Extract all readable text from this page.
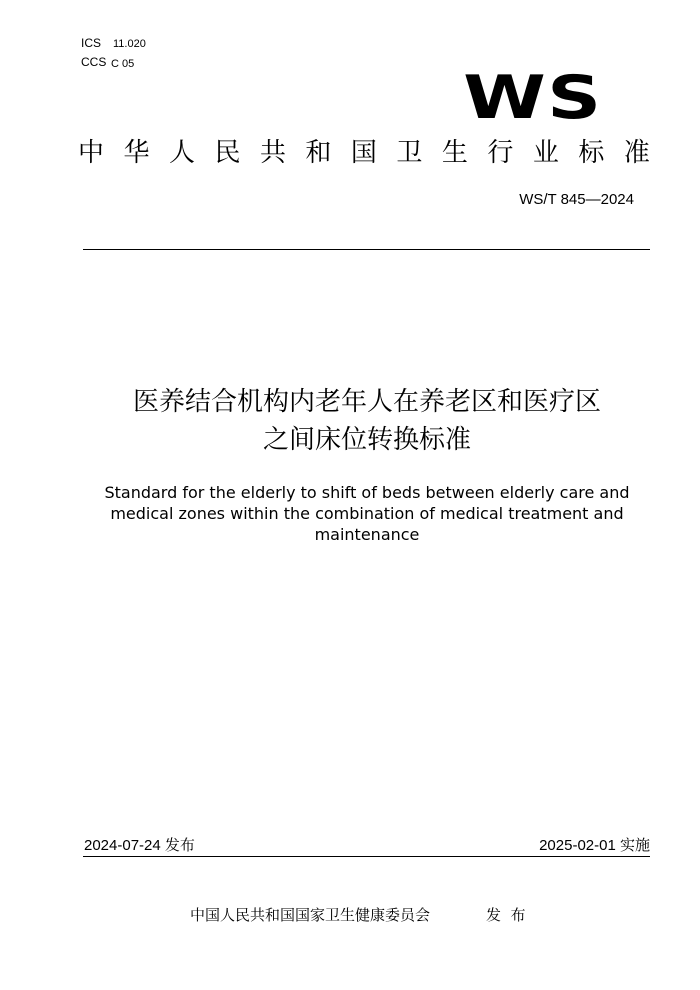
ICS 11.020
CCS C 05	WS
中 华 人 民 共 和 国 卫 生 行 业 标 准
WS/T 845—2024
医养结合机构内老年人在养老区和医疗区
之间床位转换标准
Standard for the elderly to shift of beds between elderly care and
medical zones within the combination of medical treatment and
maintenance
2024-07-24 发布	2025-02-01 实施
中国人民共和国国家卫生健康委员会	发  布
